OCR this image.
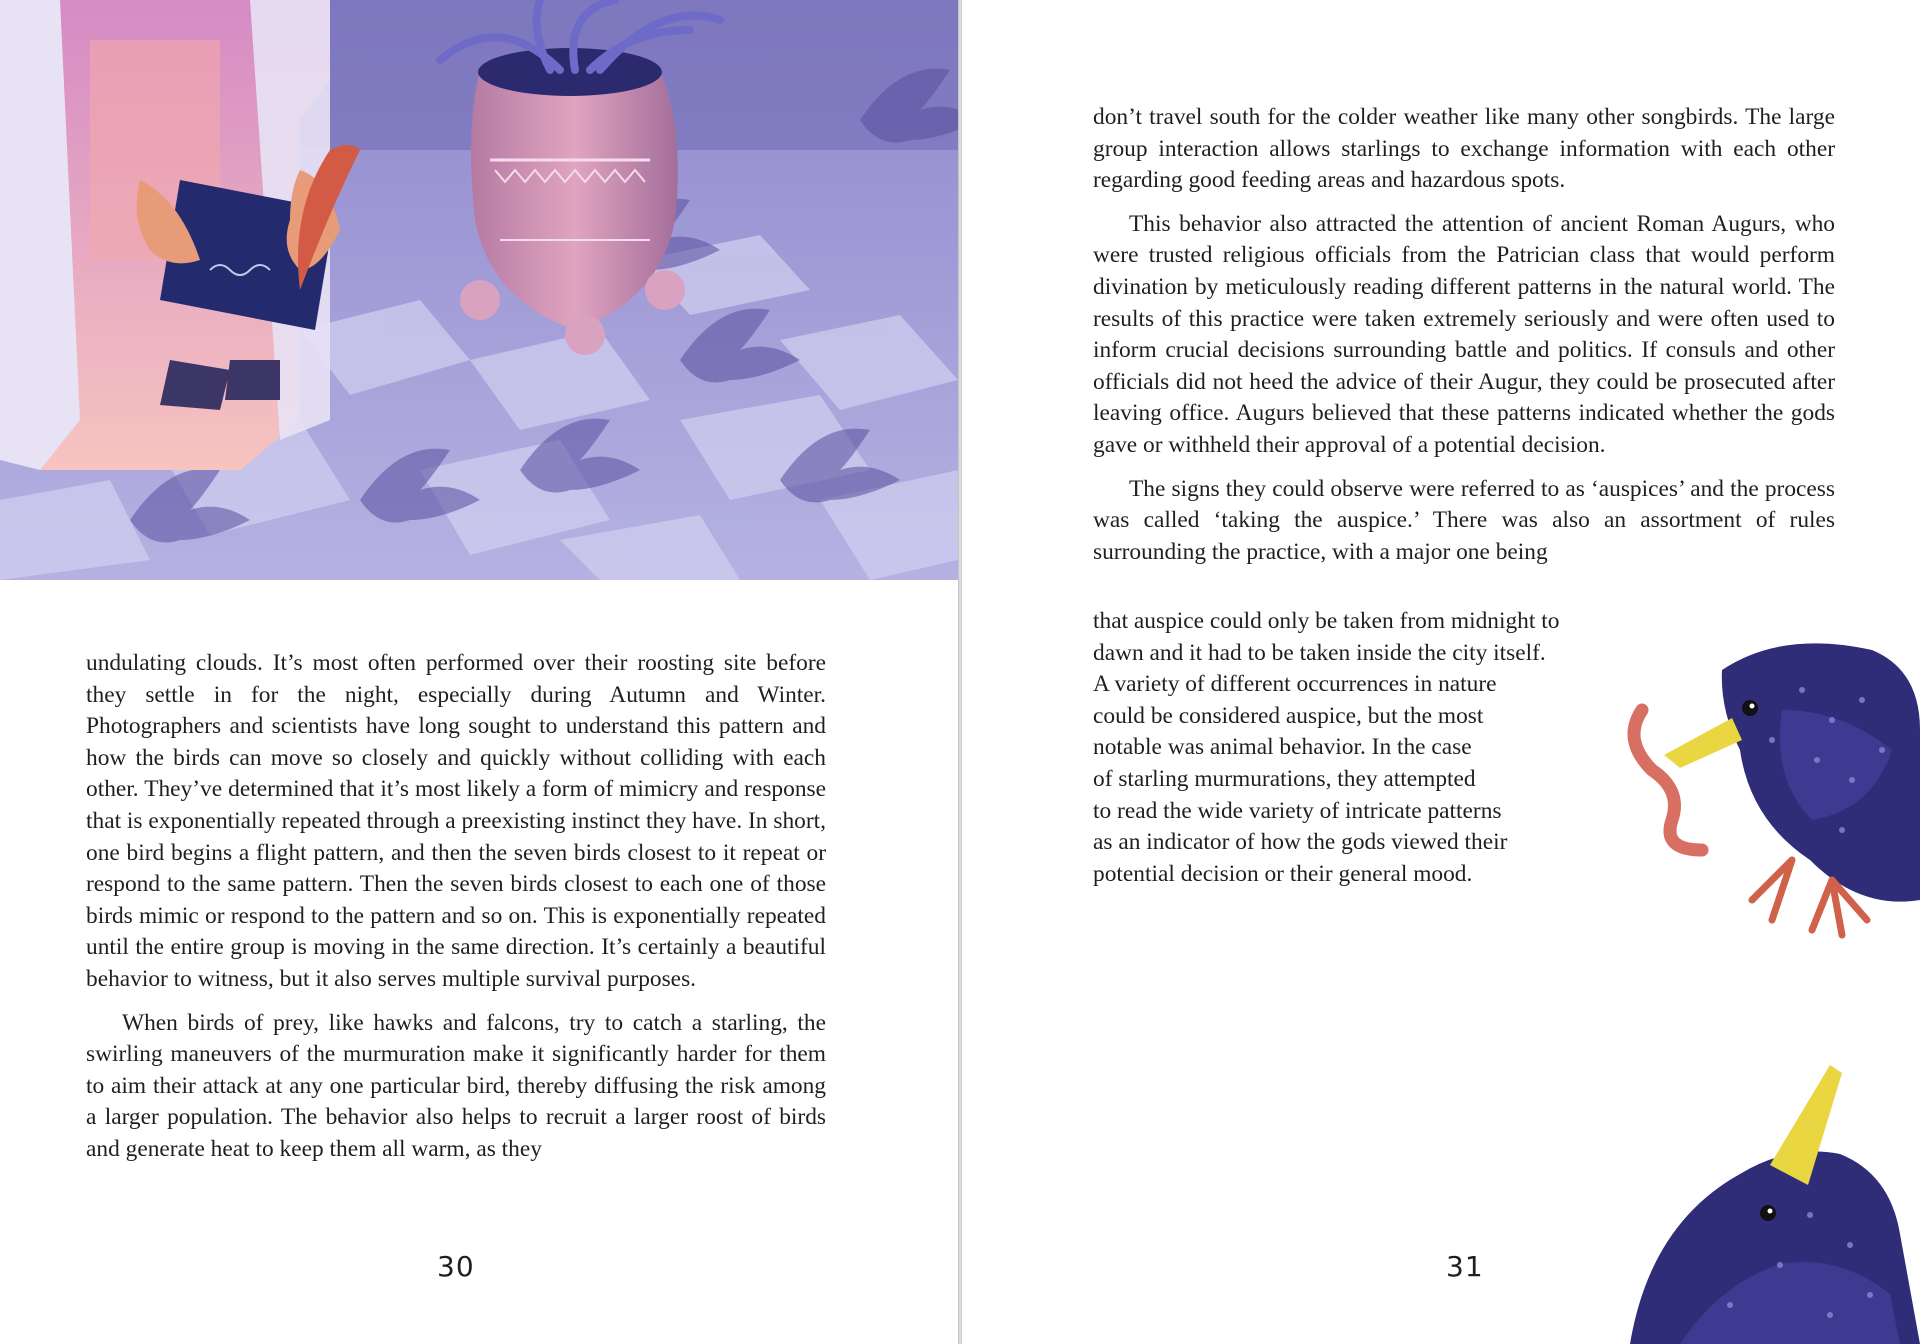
undulating clouds. It’s most often performed over their roosting site before they settle in for the night, especially during Autumn and Winter. Photographers and scientists have long sought to understand this pattern and how the birds can move so closely and quickly without colliding with each other. They’ve determined that it’s most likely a form of mimicry and response that is exponentially repeated through a preexisting instinct they have. In short, one bird begins a flight pattern, and then the seven birds closest to it repeat or respond to the same pattern. Then the seven birds closest to each one of those birds mimic or respond to the pattern and so on. This is exponentially repeated until the entire group is moving in the same direction. It’s certainly a beautiful behavior to witness, but it also serves multiple survival purposes.

When birds of prey, like hawks and falcons, try to catch a starling, the swirling maneuvers of the murmuration make it significantly harder for them to aim their attack at any one particular bird, thereby diffusing the risk among a larger population. The behavior also helps to recruit a larger roost of birds and generate heat to keep them all warm, as they

30

don’t travel south for the colder weather like many other songbirds. The large group interaction allows starlings to exchange information with each other regarding good feeding areas and hazardous spots.

This behavior also attracted the attention of ancient Roman Augurs, who were trusted religious officials from the Patrician class that would perform divination by meticulously reading different patterns in the natural world. The results of this practice were taken extremely seriously and were often used to inform crucial decisions surrounding battle and politics. If consuls and other officials did not heed the advice of their Augur, they could be prosecuted after leaving office. Augurs believed that these patterns indicated whether the gods gave or withheld their approval of a potential decision.

The signs they could observe were referred to as ‘auspices’ and the process was called ‘taking the auspice.’ There was also an assortment of rules surrounding the practice, with a major one being

that auspice could only be taken from midnight to
dawn and it had to be taken inside the city itself.
A variety of different occurrences in nature
could be considered auspice, but the most
notable was animal behavior. In the case
of starling murmurations, they attempted
to read the wide variety of intricate patterns
as an indicator of how the gods viewed their
potential decision or their general mood.
31
